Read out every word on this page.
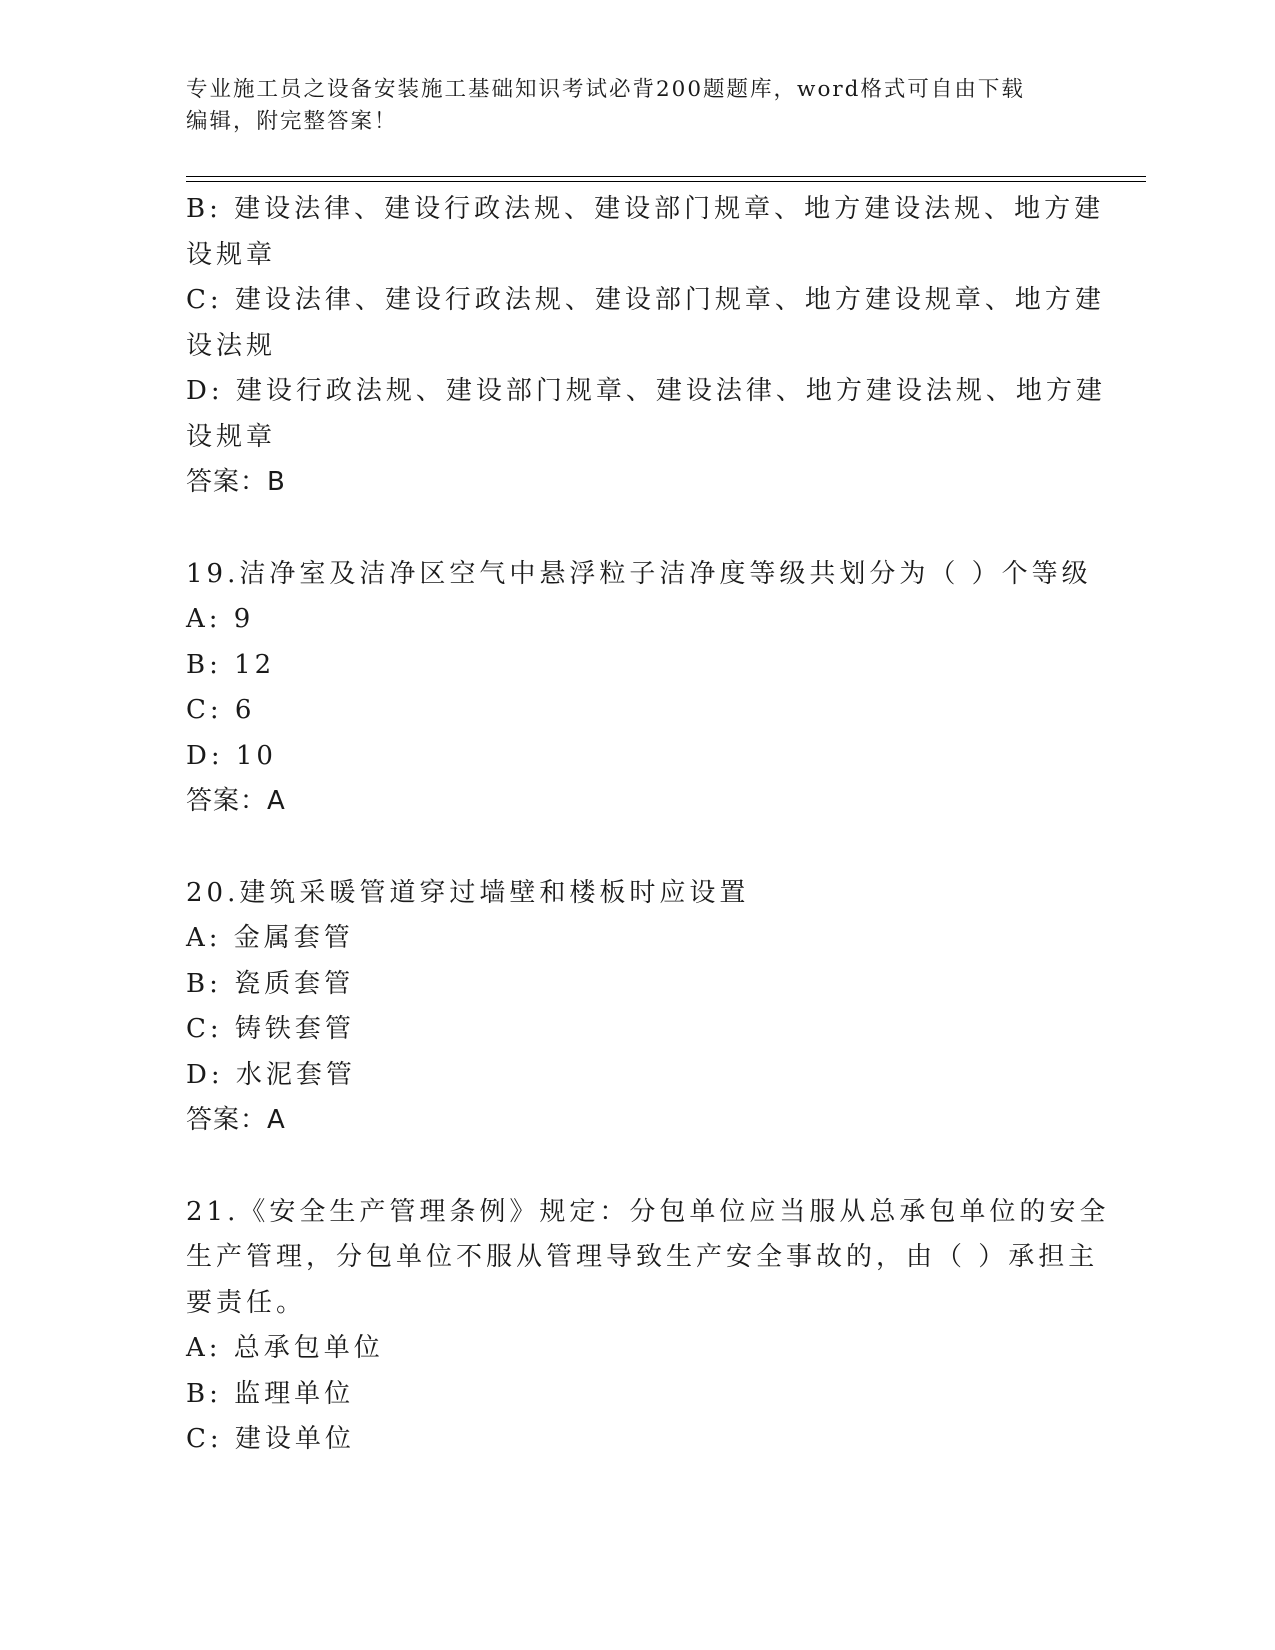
专业施工员之设备安装施工基础知识考试必背200题题库，word格式可自由下载
编辑，附完整答案！
B: 建设法律、建设行政法规、建设部门规章、地方建设法规、地方建
设规章
C: 建设法律、建设行政法规、建设部门规章、地方建设规章、地方建
设法规
D: 建设行政法规、建设部门规章、建设法律、地方建设法规、地方建
设规章
答案：B
19.洁净室及洁净区空气中悬浮粒子洁净度等级共划分为（ ）个等级
A: 9
B: 12
C: 6
D: 10
答案：A
20.建筑采暖管道穿过墙壁和楼板时应设置
A: 金属套管
B: 瓷质套管
C: 铸铁套管
D: 水泥套管
答案：A
21.《安全生产管理条例》规定：分包单位应当服从总承包单位的安全
生产管理，分包单位不服从管理导致生产安全事故的，由（ ）承担主
要责任。
A: 总承包单位
B: 监理单位
C: 建设单位
